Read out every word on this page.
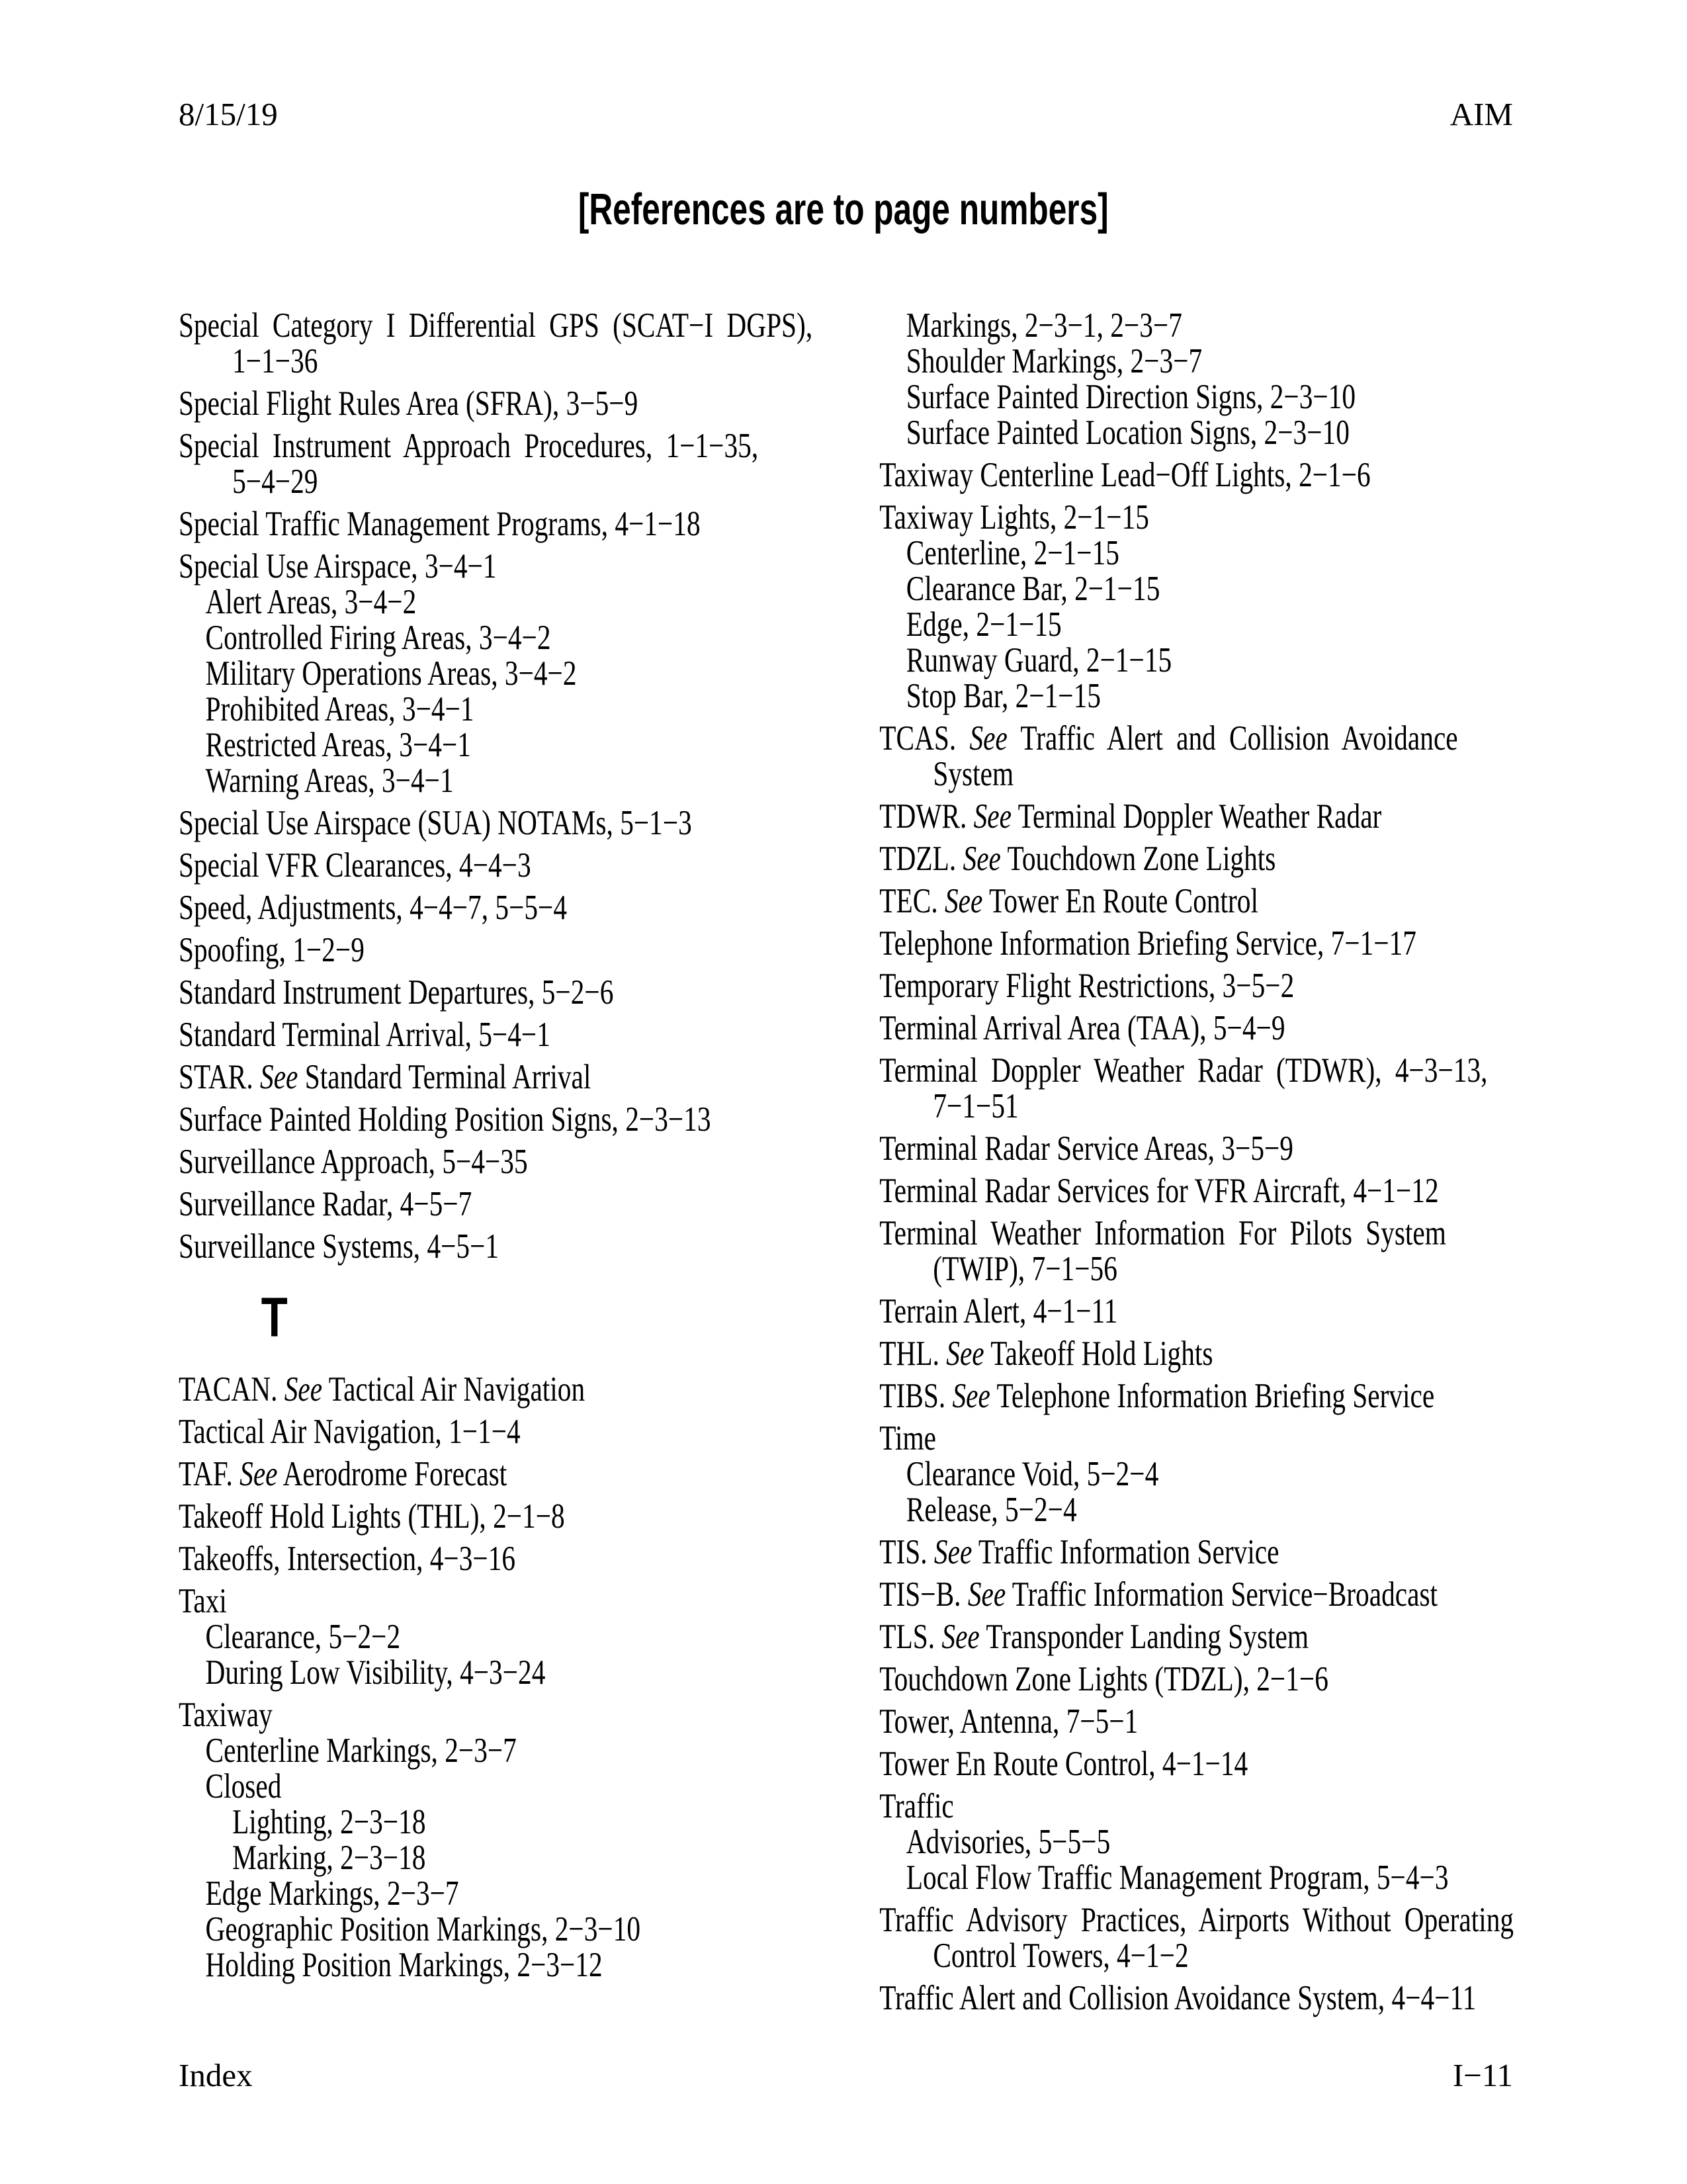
8/15/19	AIM
[References are to page numbers]
Special Category I Differential GPS (SCAT−I DGPS),
1−1−36
Special Flight Rules Area (SFRA), 3−5−9
Special Instrument Approach Procedures, 1−1−35,
5−4−29
Special Traffic Management Programs, 4−1−18
Special Use Airspace, 3−4−1
Alert Areas, 3−4−2
Controlled Firing Areas, 3−4−2
Military Operations Areas, 3−4−2
Prohibited Areas, 3−4−1
Restricted Areas, 3−4−1
Warning Areas, 3−4−1
Special Use Airspace (SUA) NOTAMs, 5−1−3
Special VFR Clearances, 4−4−3
Speed, Adjustments, 4−4−7, 5−5−4
Spoofing, 1−2−9
Standard Instrument Departures, 5−2−6
Standard Terminal Arrival, 5−4−1
STAR. See Standard Terminal Arrival
Surface Painted Holding Position Signs, 2−3−13
Surveillance Approach, 5−4−35
Surveillance Radar, 4−5−7
Surveillance Systems, 4−5−1
T
TACAN. See Tactical Air Navigation
Tactical Air Navigation, 1−1−4
TAF. See Aerodrome Forecast
Takeoff Hold Lights (THL), 2−1−8
Takeoffs, Intersection, 4−3−16
Taxi
Clearance, 5−2−2
During Low Visibility, 4−3−24
Taxiway
Centerline Markings, 2−3−7
Closed
Lighting, 2−3−18
Marking, 2−3−18
Edge Markings, 2−3−7
Geographic Position Markings, 2−3−10
Holding Position Markings, 2−3−12
Markings, 2−3−1, 2−3−7
Shoulder Markings, 2−3−7
Surface Painted Direction Signs, 2−3−10
Surface Painted Location Signs, 2−3−10
Taxiway Centerline Lead−Off Lights, 2−1−6
Taxiway Lights, 2−1−15
Centerline, 2−1−15
Clearance Bar, 2−1−15
Edge, 2−1−15
Runway Guard, 2−1−15
Stop Bar, 2−1−15
TCAS. See Traffic Alert and Collision Avoidance
System
TDWR. See Terminal Doppler Weather Radar
TDZL. See Touchdown Zone Lights
TEC. See Tower En Route Control
Telephone Information Briefing Service, 7−1−17
Temporary Flight Restrictions, 3−5−2
Terminal Arrival Area (TAA), 5−4−9
Terminal Doppler Weather Radar (TDWR), 4−3−13,
7−1−51
Terminal Radar Service Areas, 3−5−9
Terminal Radar Services for VFR Aircraft, 4−1−12
Terminal Weather Information For Pilots System
(TWIP), 7−1−56
Terrain Alert, 4−1−11
THL. See Takeoff Hold Lights
TIBS. See Telephone Information Briefing Service
Time
Clearance Void, 5−2−4
Release, 5−2−4
TIS. See Traffic Information Service
TIS−B. See Traffic Information Service−Broadcast
TLS. See Transponder Landing System
Touchdown Zone Lights (TDZL), 2−1−6
Tower, Antenna, 7−5−1
Tower En Route Control, 4−1−14
Traffic
Advisories, 5−5−5
Local Flow Traffic Management Program, 5−4−3
Traffic Advisory Practices, Airports Without Operating
Control Towers, 4−1−2
Traffic Alert and Collision Avoidance System, 4−4−11
Index	I−11
